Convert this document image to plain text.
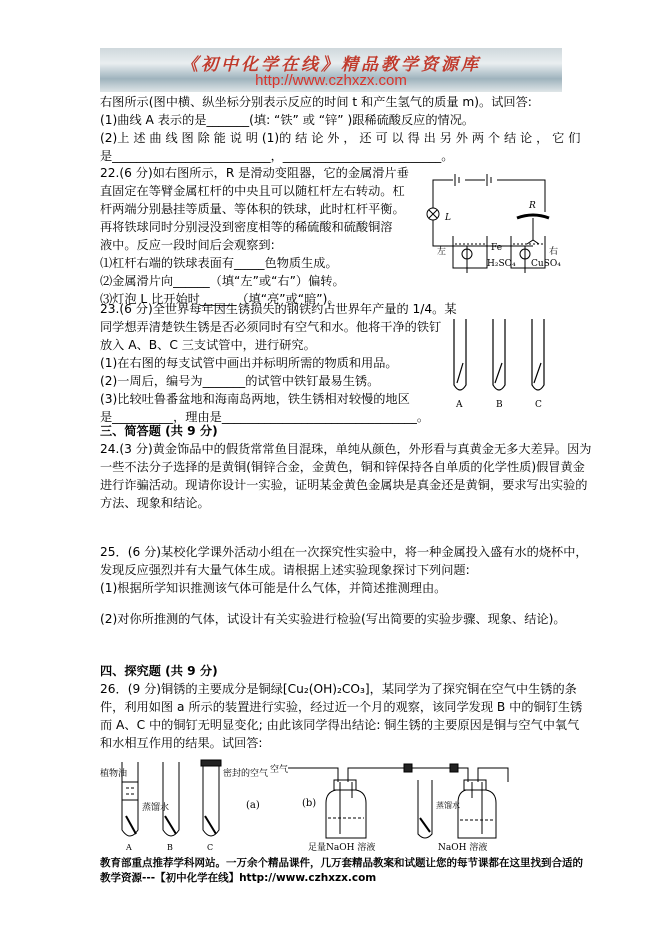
《初中化学在线》精品教学资源库
http://www.czhxzx.com
右图所示(图中横、纵坐标分别表示反应的时间 t 和产生氢气的质量 m)。试回答:
(1)曲线 A 表示的是_______(填: “铁” 或 “锌” )跟稀硫酸反应的情况。
(2)上 述 曲 线 图 除 能 说 明 (1)的 结 论 外 ， 还 可 以 得 出 另 外 两 个 结 论 ， 它 们
是__________________________，__________________________。
22.(6 分)如右图所示，R 是滑动变阻器，它的金属滑片垂
直固定在等臂金属杠杆的中央且可以随杠杆左右转动。杠
杆两端分别悬挂等质量、等体积的铁球，此时杠杆平衡。
再将铁球同时分别浸没到密度相等的稀硫酸和硫酸铜溶
液中。反应一段时间后会观察到:
⑴杠杆右端的铁球表面有_____色物质生成。
⑵金属滑片向______（填“左”或“右”）偏转。
⑶灯泡 L 比开始时______（填“亮”或“暗”)。
L
R
左	右
Fe
H₂SO₄ CuSO₄
23.(6 分)全世界每年因生锈损失的钢铁约占世界年产量的 1/4。某
同学想弄清楚铁生锈是否必须同时有空气和水。他将干净的铁钉
放入 A、B、C 三支试管中，进行研究。
(1)在右图的每支试管中画出并标明所需的物质和用品。
(2)一周后，编号为_______的试管中铁钉最易生锈。
(3)比较吐鲁番盆地和海南岛两地，铁生锈相对较慢的地区
是__________，理由是________________________________。
A	B	C
三、简答题 (共 9 分)
24.(3 分)黄金饰品中的假货常常鱼目混珠，单纯从颜色，外形看与真黄金无多大差异。因为
一些不法分子选择的是黄铜(铜锌合金，金黄色，铜和锌保持各自单质的化学性质)假冒黄金
进行诈骗活动。现请你设计一实验，证明某金黄色金属块是真金还是黄铜，要求写出实验的
方法、现象和结论。
25．(6 分)某校化学课外活动小组在一次探究性实验中，将一种金属投入盛有水的烧杯中，
发现反应强烈并有大量气体生成。请根据上述实验现象探讨下列问题:
(1)根据所学知识推测该气体可能是什么气体，并简述推测理由。
(2)对你所推测的气体，试设计有关实验进行检验(写出简要的实验步骤、现象、结论)。
四、探究题 (共 9 分)
26．(9 分)铜锈的主要成分是铜绿[Cu₂(OH)₂CO₃]，某同学为了探究铜在空气中生锈的条
件，利用如图 a 所示的装置进行实验，经过近一个月的观察，该同学发现 B 中的铜钉生锈
而 A、C 中的铜钉无明显变化; 由此该同学得出结论: 铜生锈的主要原因是铜与空气中氧气
和水相互作用的结果。试回答:
植物油
蒸馏水
密封的空气
(a)
A	B	C
空气
(b)	蒸馏水
足量NaOH 溶液	NaOH 溶液
教育部重点推荐学科网站。一万余个精品课件，几万套精品教案和试题让您的每节课都在这里找到合适的
教学资源---【初中化学在线】http://www.czhxzx.com
